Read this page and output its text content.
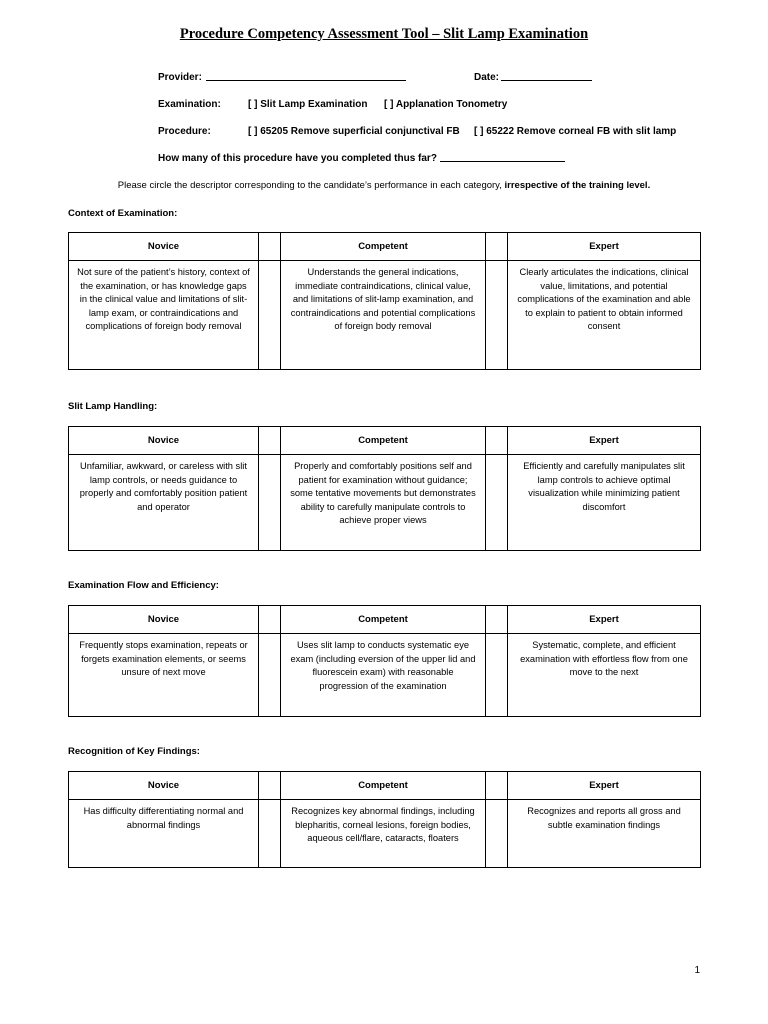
Procedure Competency Assessment Tool – Slit Lamp Examination
Provider:	Date:
Examination:	[ ] Slit Lamp Examination [ ] Applanation Tonometry
Procedure:	[ ] 65205 Remove superficial conjunctival FB [ ] 65222 Remove corneal FB with slit lamp
How many of this procedure have you completed thus far?
Please circle the descriptor corresponding to the candidate’s performance in each category, irrespective of the training level.
Context of Examination:
Novice		Competent		Expert
Not sure of the patient’s history, context of the examination, or has knowledge gaps in the clinical value and limitations of slit-lamp exam, or contraindications and complications of foreign body removal		Understands the general indications, immediate contraindications, clinical value, and limitations of slit-lamp examination, and contraindications and potential complications of foreign body removal		Clearly articulates the indications, clinical value, limitations, and potential complications of the examination and able to explain to patient to obtain informed consent
Slit Lamp Handling:
Novice		Competent		Expert
Unfamiliar, awkward, or careless with slit lamp controls, or needs guidance to properly and comfortably position patient and operator		Properly and comfortably positions self and patient for examination without guidance; some tentative movements but demonstrates ability to carefully manipulate controls to achieve proper views		Efficiently and carefully manipulates slit lamp controls to achieve optimal visualization while minimizing patient discomfort
Examination Flow and Efficiency:
Novice		Competent		Expert
Frequently stops examination, repeats or forgets examination elements, or seems unsure of next move		Uses slit lamp to conducts systematic eye exam (including eversion of the upper lid and fluorescein exam) with reasonable progression of the examination		Systematic, complete, and efficient examination with effortless flow from one move to the next
Recognition of Key Findings:
Novice		Competent		Expert
Has difficulty differentiating normal and abnormal findings		Recognizes key abnormal findings, including blepharitis, corneal lesions, foreign bodies, aqueous cell/flare, cataracts, floaters		Recognizes and reports all gross and subtle examination findings
1
